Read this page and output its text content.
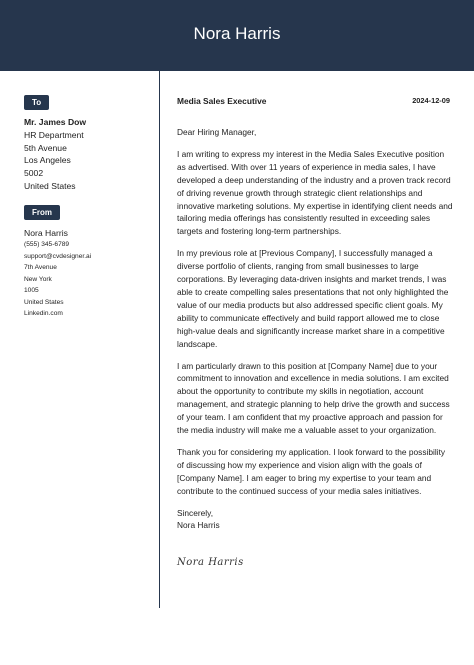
Nora Harris
To
Mr. James Dow
HR Department
5th Avenue
Los Angeles
5002
United States
From
Nora Harris
(555) 345-6789
support@cvdesigner.ai
7th Avenue
New York
1005
United States
Linkedin.com
Media Sales Executive	2024-12-09

Dear Hiring Manager,

I am writing to express my interest in the Media Sales Executive position as advertised. With over 11 years of experience in media sales, I have developed a deep understanding of the industry and a proven track record of driving revenue growth through strategic client relationships and innovative marketing solutions. My expertise in identifying client needs and tailoring media offerings has consistently resulted in exceeding sales targets and fostering long-term partnerships.

In my previous role at [Previous Company], I successfully managed a diverse portfolio of clients, ranging from small businesses to large corporations. By leveraging data-driven insights and market trends, I was able to create compelling sales presentations that not only highlighted the value of our media products but also addressed specific client goals. My ability to communicate effectively and build rapport allowed me to close high-value deals and significantly increase market share in a competitive landscape.

I am particularly drawn to this position at [Company Name] due to your commitment to innovation and excellence in media solutions. I am excited about the opportunity to contribute my skills in negotiation, account management, and strategic planning to help drive the growth and success of your team. I am confident that my proactive approach and passion for the media industry will make me a valuable asset to your organization.

Thank you for considering my application. I look forward to the possibility of discussing how my experience and vision align with the goals of [Company Name]. I am eager to bring my expertise to your team and contribute to the continued success of your media sales initiatives.

Sincerely,
Nora Harris
Nora Harris
